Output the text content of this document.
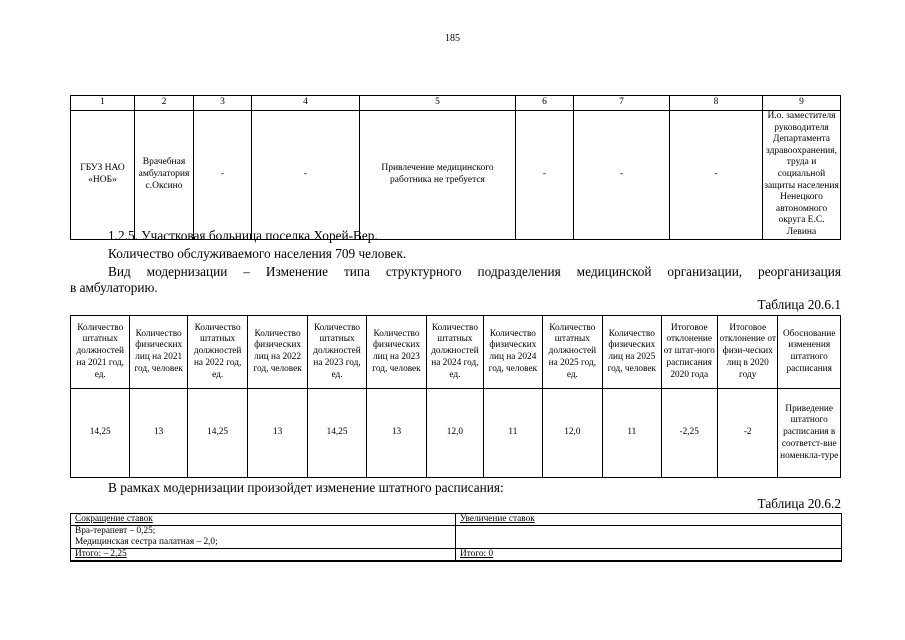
185
1	2	3	4	5	6	7	8	9
ГБУЗ НАО «НОБ»	Врачебная амбулатория с.Оксино	-	-	Привлечение медицинского работника не требуется	-	-	-	И.о. заместителя руководителя Департамента здравоохранения, труда и социальной защиты населения Ненецкого автономного округа Е.С. Левина
1.2.5. Участковая больница поселка Хорей-Вер.
Количество обслуживаемого населения 709 человек.
Вид модернизации – Изменение типа структурного подразделения медицинской организации, реорганизация
в амбулаторию.
Таблица 20.6.1
Количество штатных должностей на 2021 год, ед.	Количество физических лиц на 2021 год, человек	Количество штатных должностей на 2022 год, ед.	Количество физических лиц на 2022 год, человек	Количество штатных должностей на 2023 год, ед.	Количество физических лиц на 2023 год, человек	Количество штатных должностей на 2024 год, ед.	Количество физических лиц на 2024 год, человек	Количество штатных должностей на 2025 год, ед.	Количество физических лиц на 2025 год, человек	Итоговое отклонение от штат-ного расписания 2020 года	Итоговое отклонение от физи-ческих лиц в 2020 году	Обоснование изменения штатного расписания
14,25	13	14,25	13	14,25	13	12,0	11	12,0	11	-2,25	-2	Приведение штатного расписания в соответст-вие номенкла-туре
В рамках модернизации произойдет изменение штатного расписания:
Таблица 20.6.2
Сокращение ставок	Увеличение ставок
Вра-терапевт – 0,25;	
Медицинская сестра палатная – 2,0;	
Итого: – 2,25	Итого: 0
